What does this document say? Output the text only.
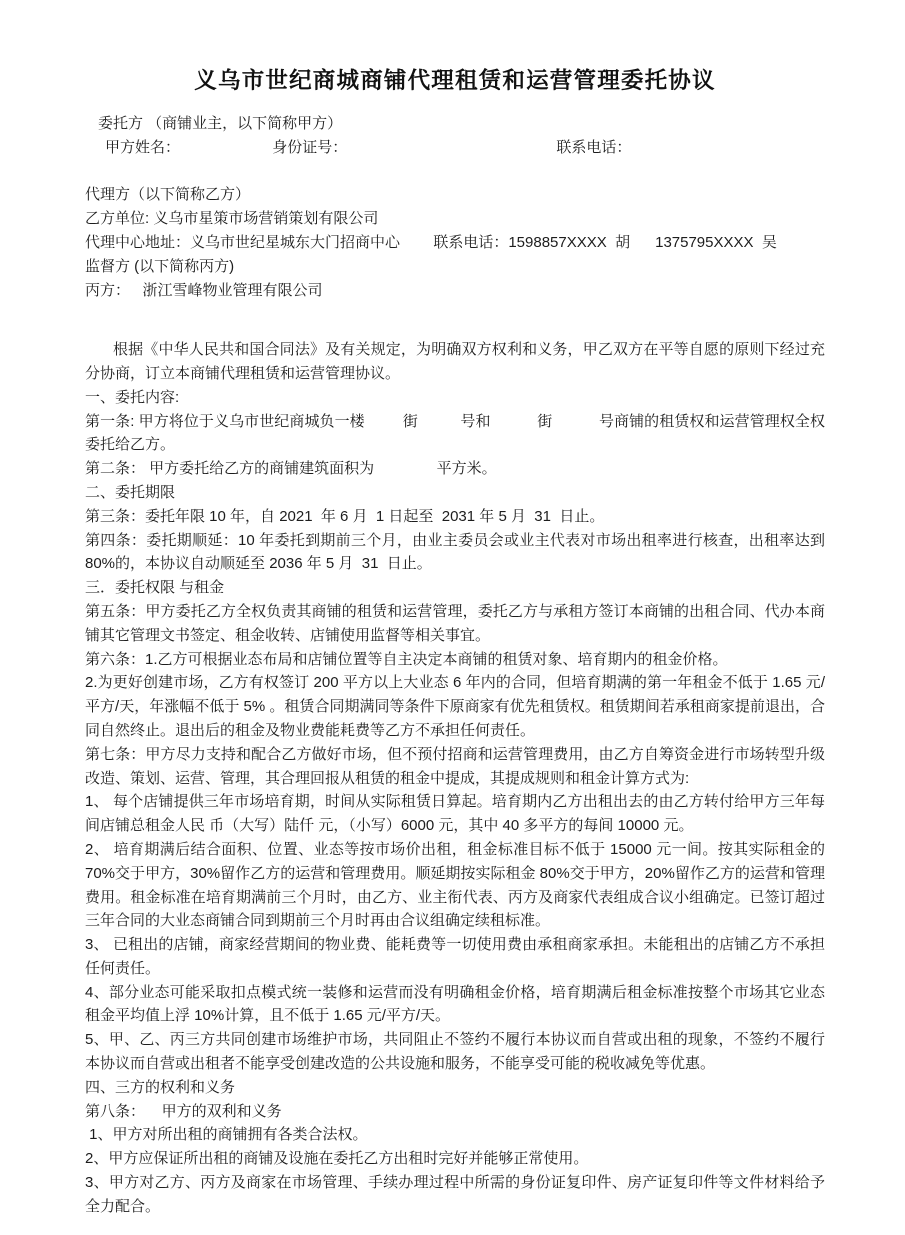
义乌市世纪商城商铺代理租赁和运营管理委托协议

委托方 （商铺业主，以下简称甲方）

甲方姓名：	身份证号：	联系电话：

代理方（以下简称乙方）

乙方单位: 义乌市星策市场营销策划有限公司

代理中心地址：义乌市世纪星城东大门招商中心        联系电话：1598857XXXX  胡      1375795XXXX  吴

监督方 (以下简称丙方)

丙方：   浙江雪峰物业管理有限公司

根据《中华人民共和国合同法》及有关规定，为明确双方权利和义务，甲乙双方在平等自愿的原则下经过充分协商，订立本商铺代理租赁和运营管理协议。

一、委托内容:

第一条: 甲方将位于义乌市世纪商城负一楼         街          号和           街           号商铺的租赁权和运营管理权全权委托给乙方。

第二条： 甲方委托给乙方的商铺建筑面积为               平方米。

二、委托期限

第三条：委托年限 10 年，自 2021  年 6 月  1 日起至  2031 年 5 月  31  日止。

第四条：委托期顺延：10 年委托到期前三个月，由业主委员会或业主代表对市场出租率进行核查，出租率达到 80%的，本协议自动顺延至 2036 年 5 月  31  日止。

三．委托权限 与租金

第五条：甲方委托乙方全权负责其商铺的租赁和运营管理，委托乙方与承租方签订本商铺的出租合同、代办本商铺其它管理文书签定、租金收转、店铺使用监督等相关事宜。

第六条：1.乙方可根据业态布局和店铺位置等自主决定本商铺的租赁对象、培育期内的租金价格。

2.为更好创建市场，乙方有权签订 200 平方以上大业态 6 年内的合同，但培育期满的第一年租金不低于 1.65 元/平方/天，年涨幅不低于 5% 。租赁合同期满同等条件下原商家有优先租赁权。租赁期间若承租商家提前退出，合同自然终止。退出后的租金及物业费能耗费等乙方不承担任何责任。

第七条：甲方尽力支持和配合乙方做好市场，但不预付招商和运营管理费用，由乙方自筹资金进行市场转型升级改造、策划、运营、管理，其合理回报从租赁的租金中提成，其提成规则和租金计算方式为:

1、 每个店铺提供三年市场培育期，时间从实际租赁日算起。培育期内乙方出租出去的由乙方转付给甲方三年每间店铺总租金人民 币（大写）陆仟 元，（小写）6000 元，其中 40 多平方的每间 10000 元。

2、 培育期满后结合面积、位置、业态等按市场价出租，租金标准目标不低于 15000 元一间。按其实际租金的 70%交于甲方，30%留作乙方的运营和管理费用。顺延期按实际租金 80%交于甲方，20%留作乙方的运营和管理费用。租金标准在培育期满前三个月时，由乙方、业主衔代表、丙方及商家代表组成合议小组确定。已签订超过三年合同的大业态商铺合同到期前三个月时再由合议组确定续租标准。

3、 已租出的店铺，商家经营期间的物业费、能耗费等一切使用费由承租商家承担。未能租出的店铺乙方不承担任何责任。

4、部分业态可能采取扣点模式统一装修和运营而没有明确租金价格，培育期满后租金标准按整个市场其它业态租金平均值上浮 10%计算，且不低于 1.65 元/平方/天。

5、甲、乙、丙三方共同创建市场维护市场，共同阻止不签约不履行本协议而自营或出租的现象，不签约不履行本协议而自营或出租者不能享受创建改造的公共设施和服务，不能享受可能的税收减免等优惠。

四、三方的权利和义务

第八条：    甲方的双利和义务

1、甲方对所出租的商铺拥有各类合法权。

2、甲方应保证所出租的商铺及设施在委托乙方出租时完好并能够正常使用。

3、甲方对乙方、丙方及商家在市场管理、手续办理过程中所需的身份证复印件、房产证复印件等文件材料给予全力配合。
